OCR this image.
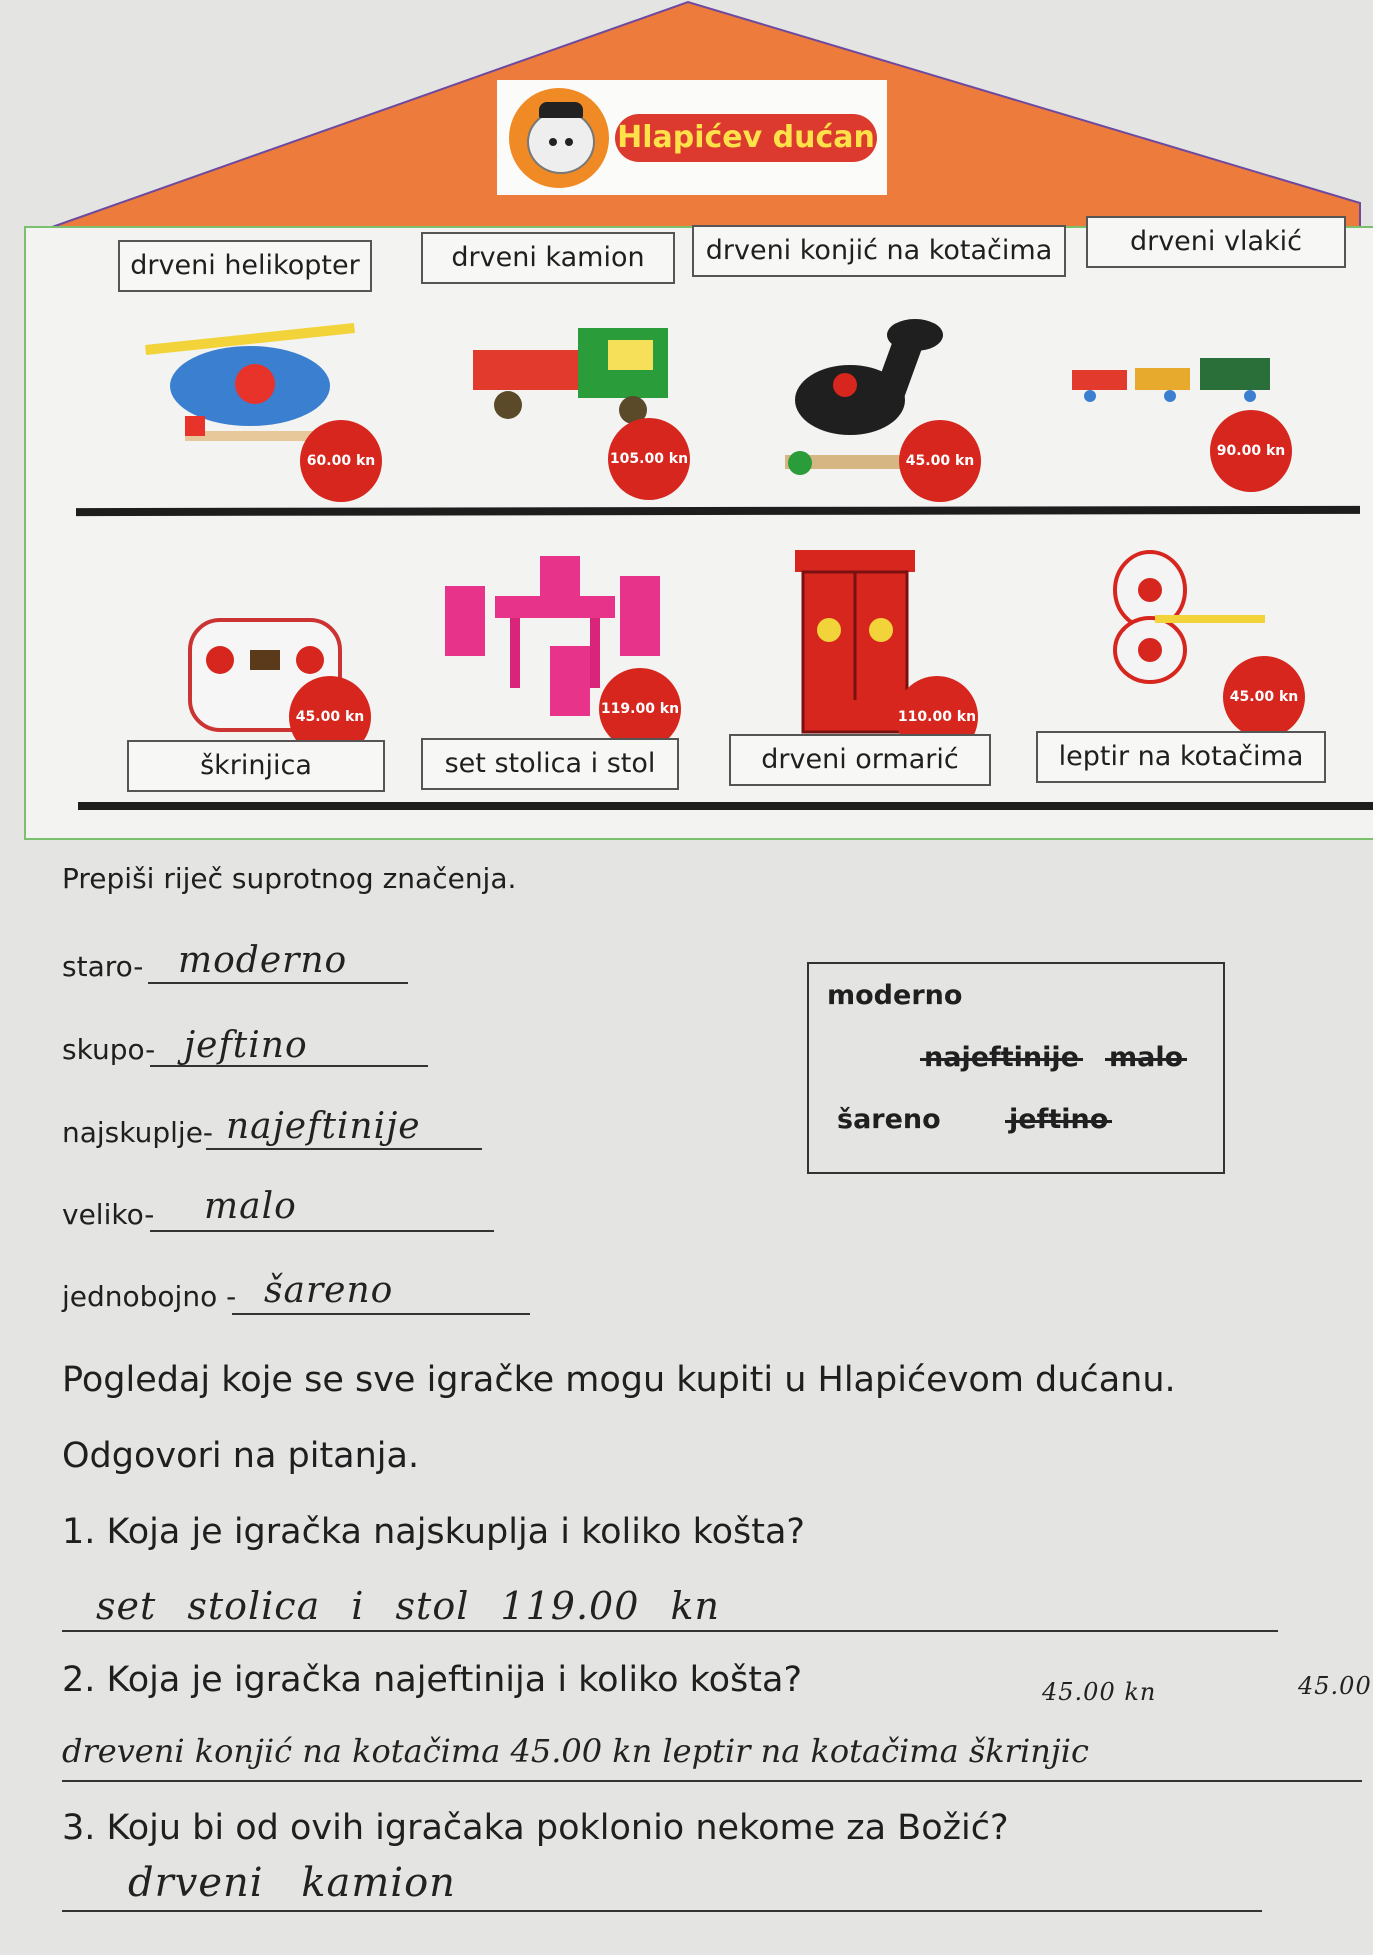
Hlapićev dućan
drveni helikopter	drveni kamion	drveni konjić na kotačima	drveni vlakić
60.00 kn	105.00 kn	45.00 kn
90.00 kn
45.00 kn	119.00 kn	110.00 kn
45.00 kn
škrinjica	set stolica i stol	drveni ormarić	leptir na kotačima
Prepiši riječ suprotnog značenja.
staro- moderno
skupo- jeftino
najskuplje- najeftinije
veliko- malo
jednobojno - šareno
moderno
najeftinije malo
šareno	jeftino
Pogledaj koje se sve igračke mogu kupiti u Hlapićevom dućanu.
Odgovori na pitanja.
1. Koja je igračka najskuplja i koliko košta?
set stolica i stol 119.00 kn
2. Koja je igračka najeftinija i koliko košta?	45.00 kn	45.00
dreveni konjić na kotačima 45.00 kn leptir na kotačima škrinjic
3. Koju bi od ovih igračaka poklonio nekome za Božić?
drveni kamion
